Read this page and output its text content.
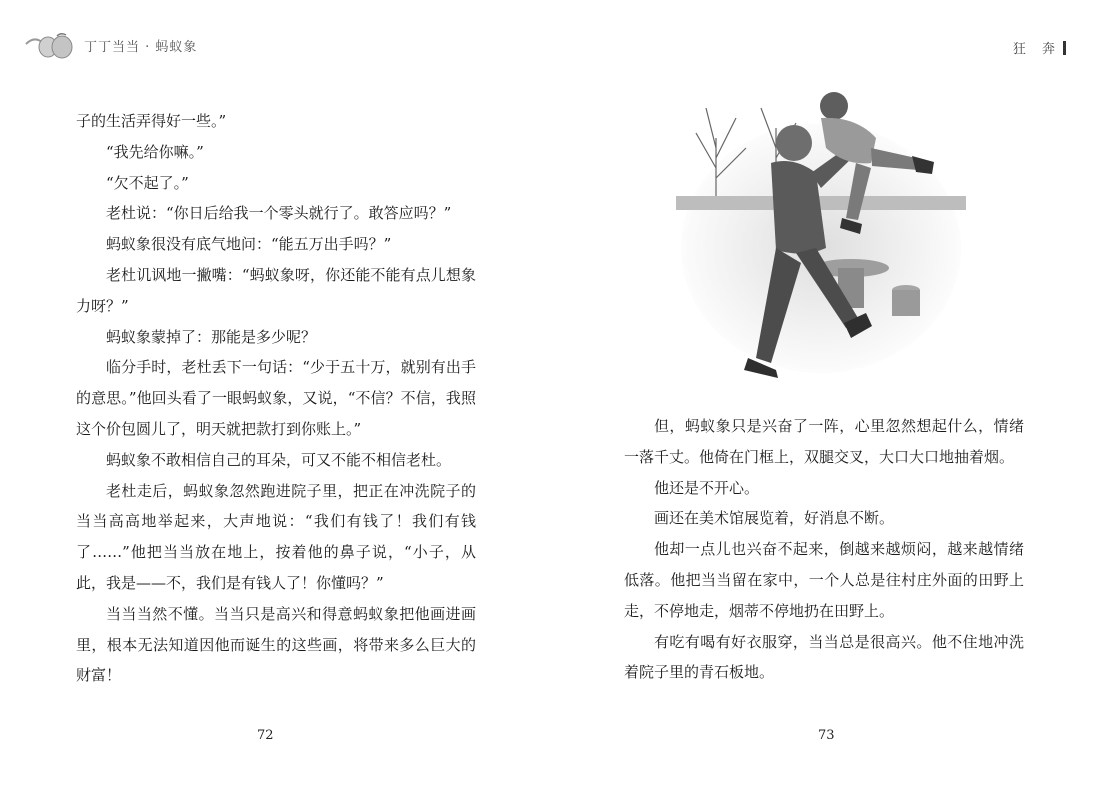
丁丁当当 · 蚂蚁象

子的生活弄得好一些。”

“我先给你嘛。”

“欠不起了。”

老杜说：“你日后给我一个零头就行了。敢答应吗？”

蚂蚁象很没有底气地问：“能五万出手吗？”

老杜讥讽地一撇嘴：“蚂蚁象呀，你还能不能有点儿想象力呀？”

蚂蚁象蒙掉了：那能是多少呢？

临分手时，老杜丢下一句话：“少于五十万，就别有出手的意思。”他回头看了一眼蚂蚁象，又说，“不信？不信，我照这个价包圆儿了，明天就把款打到你账上。”

蚂蚁象不敢相信自己的耳朵，可又不能不相信老杜。

老杜走后，蚂蚁象忽然跑进院子里，把正在冲洗院子的当当高高地举起来，大声地说：“我们有钱了！我们有钱了……”他把当当放在地上，按着他的鼻子说，“小子，从此，我是——不，我们是有钱人了！你懂吗？”

当当当然不懂。当当只是高兴和得意蚂蚁象把他画进画里，根本无法知道因他而诞生的这些画，将带来多么巨大的财富！

72
狂 奔

但，蚂蚁象只是兴奋了一阵，心里忽然想起什么，情绪一落千丈。他倚在门框上，双腿交叉，大口大口地抽着烟。

他还是不开心。

画还在美术馆展览着，好消息不断。

他却一点儿也兴奋不起来，倒越来越烦闷，越来越情绪低落。他把当当留在家中，一个人总是往村庄外面的田野上走，不停地走，烟蒂不停地扔在田野上。

有吃有喝有好衣服穿，当当总是很高兴。他不住地冲洗着院子里的青石板地。

73
